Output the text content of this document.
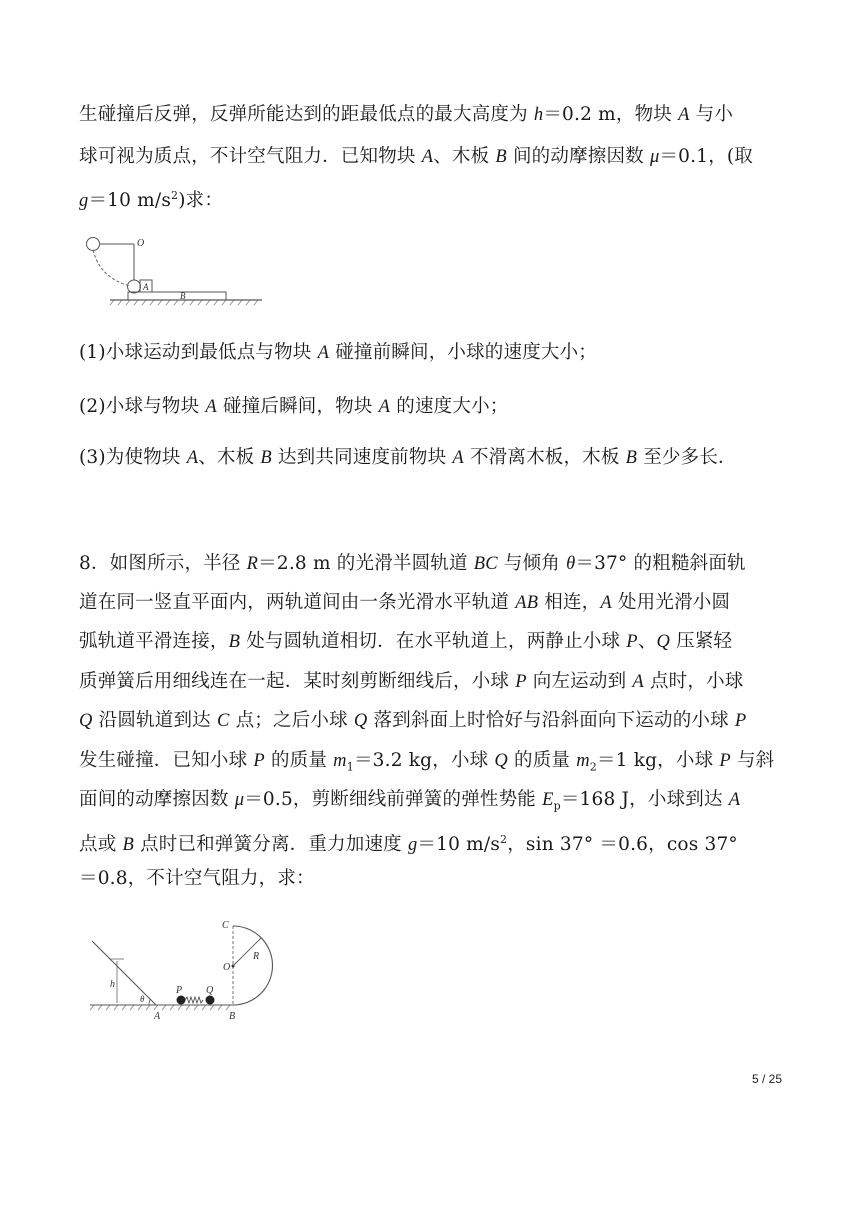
生碰撞后反弹，反弹所能达到的距最低点的最大高度为 h＝0.2 m，物块 A 与小
球可视为质点，不计空气阻力．已知物块 A、木板 B 间的动摩擦因数 μ＝0.1，(取
g＝10 $m/s^2$)求：
O
A
B
(1)小球运动到最低点与物块 A 碰撞前瞬间，小球的速度大小；
(2)小球与物块 A 碰撞后瞬间，物块 A 的速度大小；
(3)为使物块 A、木板 B 达到共同速度前物块 A 不滑离木板，木板 B 至少多长．
8．如图所示，半径 R＝2.8 m 的光滑半圆轨道 BC 与倾角 θ＝37° 的粗糙斜面轨
道在同一竖直平面内，两轨道间由一条光滑水平轨道 AB 相连，A 处用光滑小圆
弧轨道平滑连接，B 处与圆轨道相切．在水平轨道上，两静止小球 P、Q 压紧轻
质弹簧后用细线连在一起．某时刻剪断细线后，小球 P 向左运动到 A 点时，小球
Q 沿圆轨道到达 C 点；之后小球 Q 落到斜面上时恰好与沿斜面向下运动的小球 P
发生碰撞．已知小球 P 的质量 $m_1=3.2$ kg，小球 Q 的质量 $m_2=1$ kg，小球 P 与斜
面间的动摩擦因数 μ＝0.5，剪断细线前弹簧的弹性势能 $E_p=168$ J，小球到达 A
点或 B 点时已和弹簧分离．重力加速度 g＝10 $m/s^2$，sin 37° ＝0.6，cos 37°
＝0.8，不计空气阻力，求：
C
R
O
h
θ
P Q
A	B
5 / 25
